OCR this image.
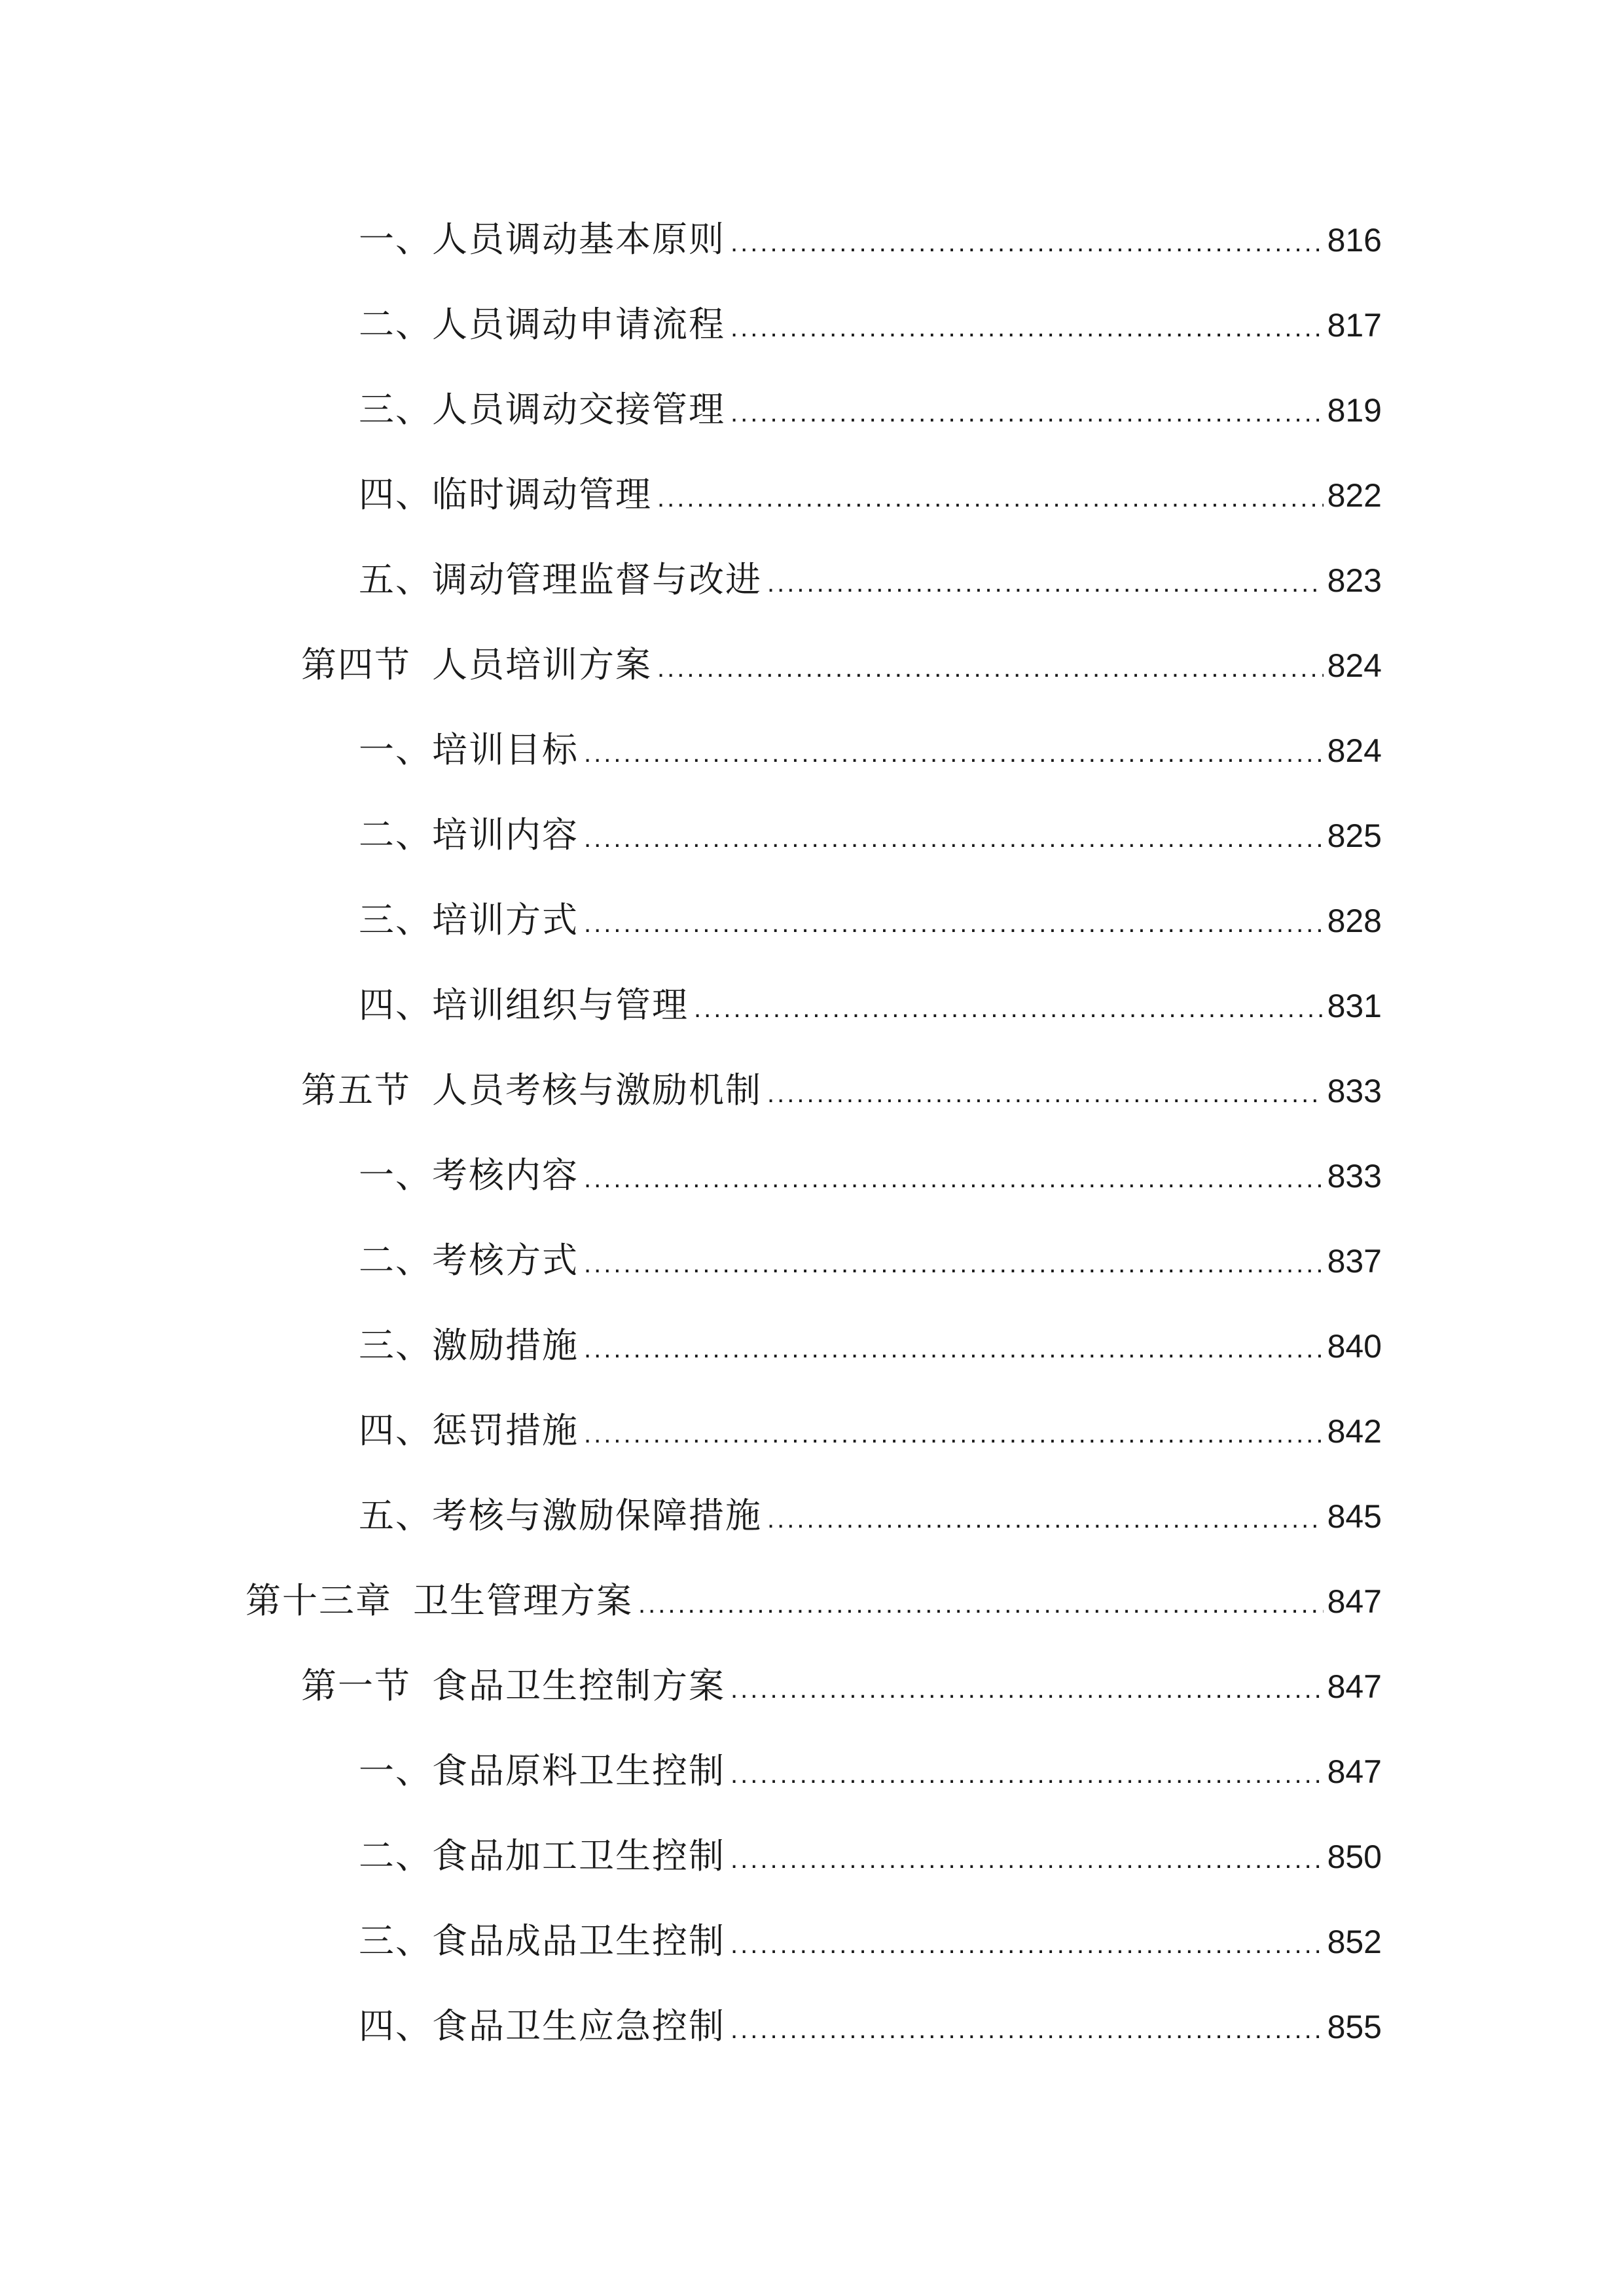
一、人员调动基本原则 .....	816
二、人员调动申请流程 .....	817
三、人员调动交接管理 .....	819
四、临时调动管理 .....	822
五、调动管理监督与改进 .....	823
第四节 人员培训方案 .....	824
一、培训目标 .....	824
二、培训内容 .....	825
三、培训方式 .....	828
四、培训组织与管理 .....	831
第五节 人员考核与激励机制 .....	833
一、考核内容 .....	833
二、考核方式 .....	837
三、激励措施 .....	840
四、惩罚措施 .....	842
五、考核与激励保障措施 .....	845
第十三章 卫生管理方案 .....	847
第一节 食品卫生控制方案 .....	847
一、食品原料卫生控制 .....	847
二、食品加工卫生控制 .....	850
三、食品成品卫生控制 .....	852
四、食品卫生应急控制 .....	855
